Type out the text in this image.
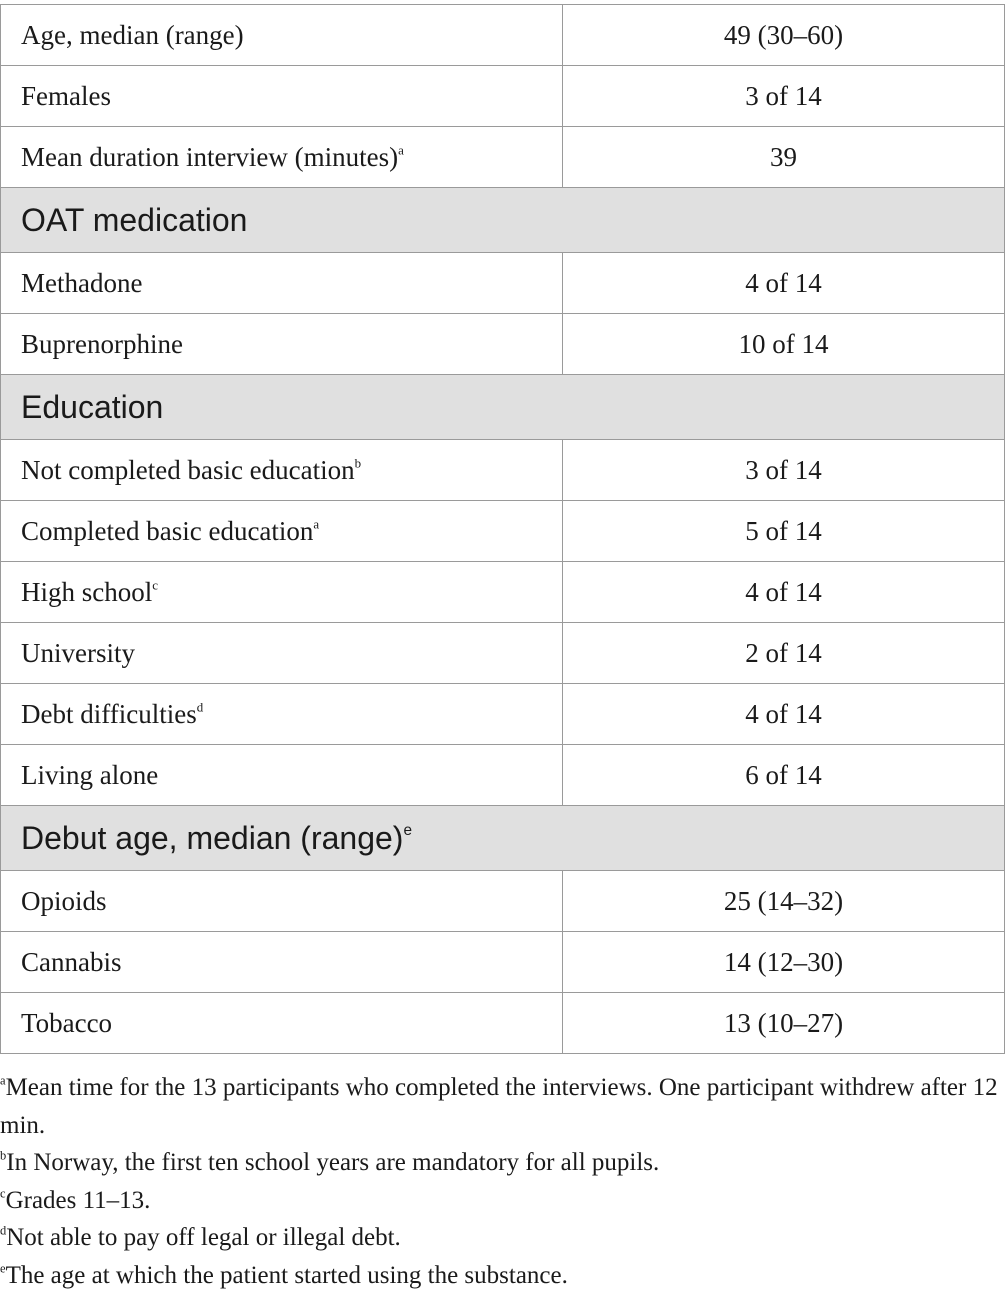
Age, median (range)	49 (30–60)
Females	3 of 14
Mean duration interview (minutes)$^a$	39
OAT medication	
Methadone	4 of 14
Buprenorphine	10 of 14
Education	
Not completed basic education$^b$	3 of 14
Completed basic education$^a$	5 of 14
High school$^c$	4 of 14
University	2 of 14
Debt difficulties$^d$	4 of 14
Living alone	6 of 14
Debut age, median (range)$^e$
Opioids	25 (14–32)
Cannabis	14 (12–30)
Tobacco	13 (10–27)

$^a$Mean time for the 13 participants who completed the interviews. One participant withdrew after 12 min.

$^b$In Norway, the first ten school years are mandatory for all pupils.

$^c$Grades 11–13.

$^d$Not able to pay off legal or illegal debt.

$^e$The age at which the patient started using the substance.
